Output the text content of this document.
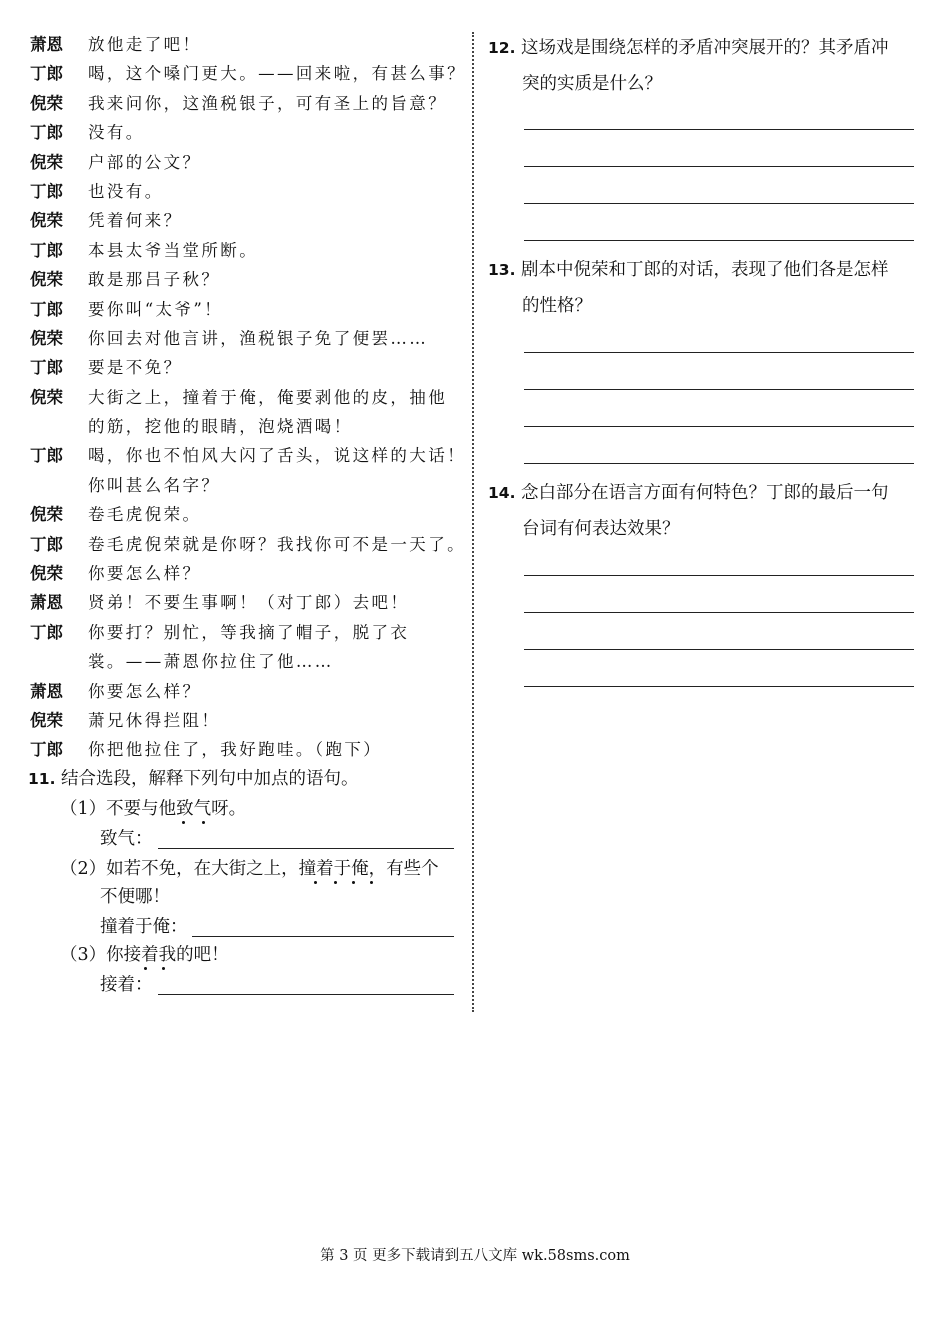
萧恩	放他走了吧！
丁郎	喝，这个嗓门更大。——回来啦，有甚么事？
倪荣	我来问你，这渔税银子，可有圣上的旨意？
丁郎	没有。
倪荣	户部的公文？
丁郎	也没有。
倪荣	凭着何来？
丁郎	本县太爷当堂所断。
倪荣	敢是那吕子秋？
丁郎	要你叫“太爷”！
倪荣	你回去对他言讲，渔税银子免了便罢……
丁郎	要是不免？
倪荣	大街之上，撞着于俺，俺要剥他的皮，抽他
的筋，挖他的眼睛，泡烧酒喝！
丁郎	喝，你也不怕风大闪了舌头，说这样的大话！
你叫甚么名字？
倪荣	卷毛虎倪荣。
丁郎	卷毛虎倪荣就是你呀？我找你可不是一天了。
倪荣	你要怎么样？
萧恩	贤弟！不要生事啊！（对丁郎）去吧！
丁郎	你要打？别忙，等我摘了帽子，脱了衣
裳。——萧恩你拉住了他……
萧恩	你要怎么样？
倪荣	萧兄休得拦阻！
丁郎	你把他拉住了，我好跑哇。（跑下）
11. 结合选段，解释下列句中加点的语句。
（1）不要与他致气呀。
致气：
（2）如若不免，在大街之上，撞着于俺，有些个
不便哪！
撞着于俺：
（3）你接着我的吧！
接着：
12. 这场戏是围绕怎样的矛盾冲突展开的？其矛盾冲
突的实质是什么？
13. 剧本中倪荣和丁郎的对话，表现了他们各是怎样
的性格？
14. 念白部分在语言方面有何特色？丁郎的最后一句
台词有何表达效果？
第 3 页 更多下载请到五八文库 wk.58sms.com
